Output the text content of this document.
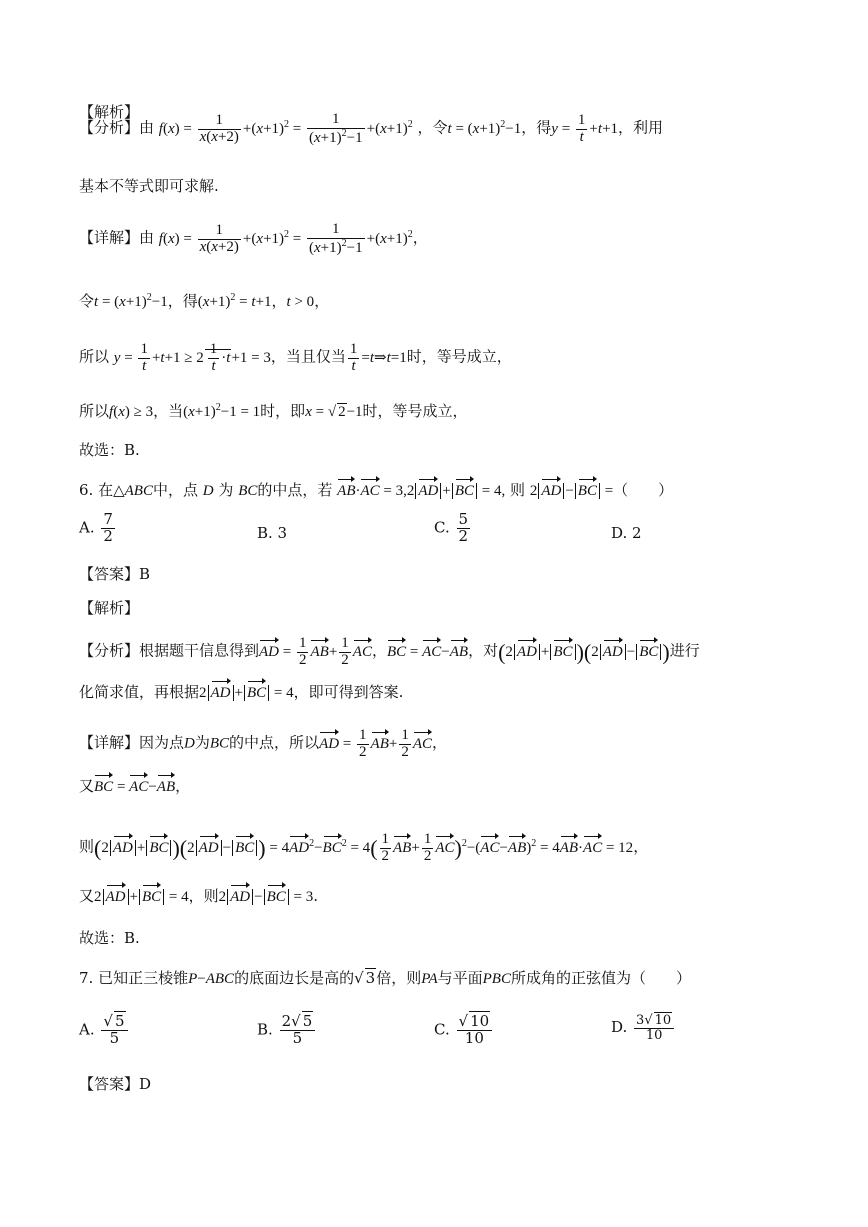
【解析】
【分析】由 $f(x) = \frac{1}{x(x+2)} +(x+1)^2 = \frac{1}{(x+1)^2-1} +(x+1)^2$ ，令$t = (x+1)^2-1$，得$y = \frac{1}{t} +t+1$，利用
基本不等式即可求解.
【详解】由 $f(x) = \frac{1}{x(x+2)} +(x+1)^2 = \frac{1}{(x+1)^2-1} +(x+1)^2$，
令$t = (x+1)^2-1$，得$(x+1)^2 = t+1$，t > 0，
所以 $y = \frac{1}{t} +t+1 \ge 2 \frac{1}{t} \cdot t+1 = 3$，当且仅当 $\frac{1}{t}$ =t⇒t=1时，等号成立，
所以f(x) ≥ 3，当$(x+1)^2-1 = 1$时，即x = √ 2−1时，等号成立，
故选：B.
6. 在△ABC中，点 D 为 BC的中点，若 AB·AC = 3,2 AD + BC = 4, 则 2 AD − BC =（　　）
A. $\frac{7}{2}$	B. 3	C. $\frac{5}{2}$	D. 2
【答案】B
【解析】
【分析】根据题干信息得到AD = $\frac{1}{2} AB+ \frac{1}{2}$ AC，BC = AC−AB，对(2 AD + BC )(2 AD − BC )进行
化简求值，再根据2 AD + BC = 4，即可得到答案.
【详解】因为点D为BC的中点，所以AD = $\frac{1}{2} AB+ \frac{1}{2}$ AC，
又BC = AC−AB，
则(2 AD + BC )(2 AD − BC ) = $4AD^2-BC^2 = 4( \frac{1}{2} AB+ \frac{1}{2} AC)^2-(AC-AB)^2 = 4AB\cdot AC = 12$，
又2 AD + BC = 4，则2 AD − BC = 3.
故选：B.
7. 已知正三棱锥P−ABC的底面边长是高的√ 3倍，则PA与平面PBC所成角的正弦值为（　　）
A. $\frac{√ 5}{5}$	B. $\frac{2√ 5}{5}$	C. $\frac{√ 10}{10}$	D. $\frac{3√ 10}{10}$
【答案】D
